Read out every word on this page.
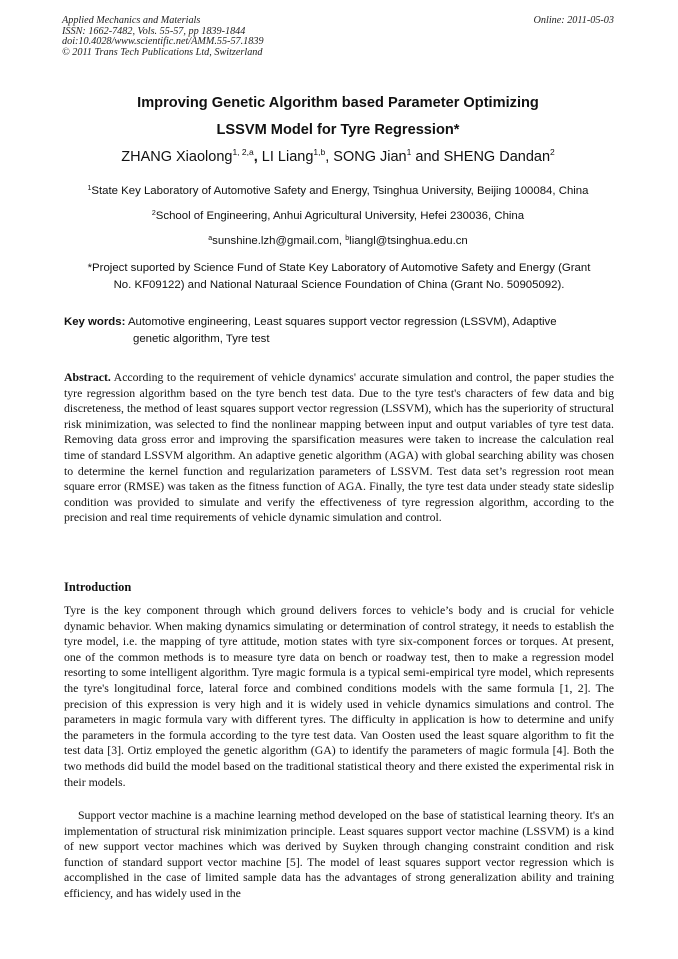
Applied Mechanics and Materials
ISSN: 1662-7482, Vols. 55-57, pp 1839-1844
doi:10.4028/www.scientific.net/AMM.55-57.1839
© 2011 Trans Tech Publications Ltd, Switzerland
Online: 2011-05-03
Improving Genetic Algorithm based Parameter Optimizing
LSSVM Model for Tyre Regression*
ZHANG Xiaolong$^{1, 2,a}$, LI Liang$^{1,b}$, SONG Jian$^1$ and SHENG Dandan$^2$
$^1$State Key Laboratory of Automotive Safety and Energy, Tsinghua University, Beijing 100084, China
$^2$School of Engineering, Anhui Agricultural University, Hefei 230036, China
$^a$sunshine.lzh@gmail.com, $^b$liangl@tsinghua.edu.cn
*Project suported by Science Fund of State Key Laboratory of Automotive Safety and Energy (Grant
No. KF09122) and National Naturaal Science Foundation of China (Grant No. 50905092).
Key words: Automotive engineering, Least squares support vector regression (LSSVM), Adaptive
genetic algorithm, Tyre test
Abstract. According to the requirement of vehicle dynamics' accurate simulation and control, the paper studies the tyre regression algorithm based on the tyre bench test data. Due to the tyre test's characters of few data and big discreteness, the method of least squares support vector regression (LSSVM), which has the superiority of structural risk minimization, was selected to find the nonlinear mapping between input and output variables of tyre test data. Removing data gross error and improving the sparsification measures were taken to increase the calculation real time of standard LSSVM algorithm. An adaptive genetic algorithm (AGA) with global searching ability was chosen to determine the kernel function and regularization parameters of LSSVM. Test data set’s regression root mean square error (RMSE) was taken as the fitness function of AGA. Finally, the tyre test data under steady state sideslip condition was provided to simulate and verify the effectiveness of tyre regression algorithm, according to the precision and real time requirements of vehicle dynamic simulation and control.
Introduction

Tyre is the key component through which ground delivers forces to vehicle’s body and is crucial for vehicle dynamic behavior. When making dynamics simulating or determination of control strategy, it needs to establish the tyre model, i.e. the mapping of tyre attitude, motion states with tyre six-component forces or torques. At present, one of the common methods is to measure tyre data on bench or roadway test, then to make a regression model resorting to some intelligent algorithm. Tyre magic formula is a typical semi-empirical tyre model, which represents the tyre's longitudinal force, lateral force and combined conditions models with the same formula [1, 2]. The precision of this expression is very high and it is widely used in vehicle dynamics simulations and control. The parameters in magic formula vary with different tyres. The difficulty in application is how to determine and unify the parameters in the formula according to the tyre test data. Van Oosten used the least square algorithm to fit the test data [3]. Ortiz employed the genetic algorithm (GA) to identify the parameters of magic formula [4]. Both the two methods did build the model based on the traditional statistical theory and there existed the experimental risk in their models.

Support vector machine is a machine learning method developed on the base of statistical learning theory. It's an implementation of structural risk minimization principle. Least squares support vector machine (LSSVM) is a kind of new support vector machines which was derived by Suyken through changing constraint condition and risk function of standard support vector machine [5]. The model of least squares support vector regression which is accomplished in the case of limited sample data has the advantages of strong generalization ability and training efficiency, and has widely used in the
